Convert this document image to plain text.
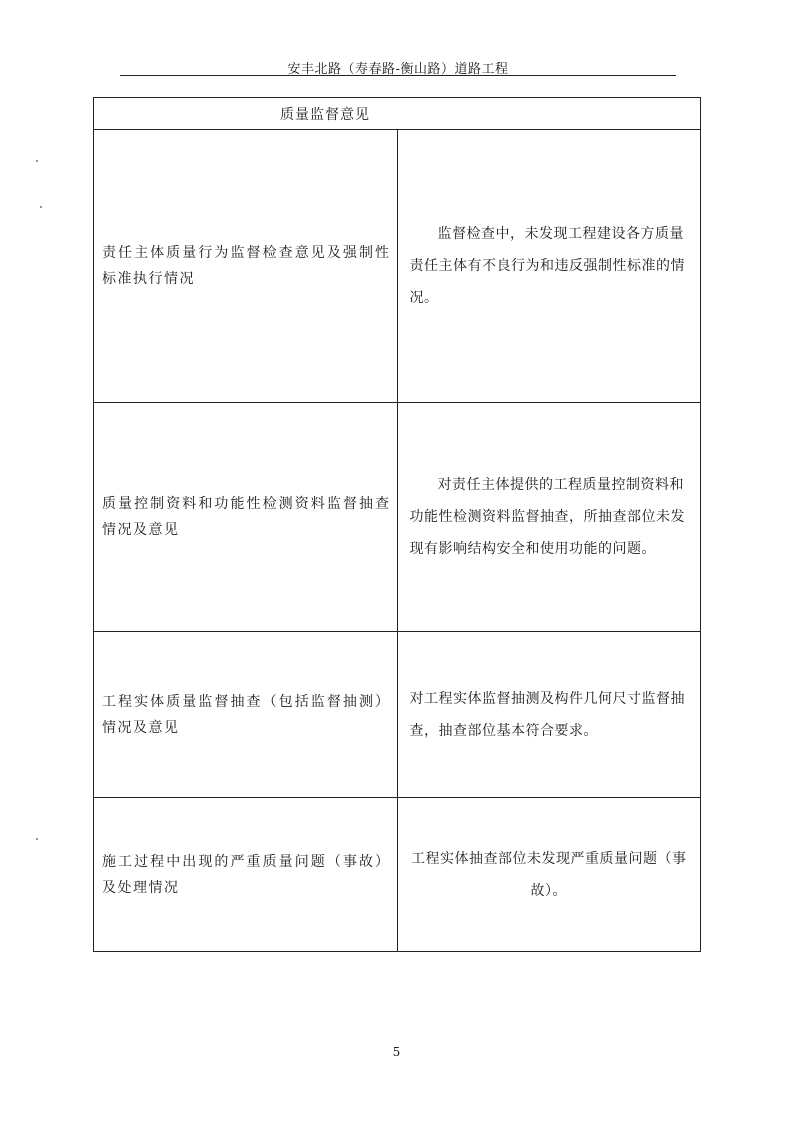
安丰北路（寿春路-衡山路）道路工程
质量监督意见	
责任主体质量行为监督检查意见及强制性标准执行情况	监督检查中，未发现工程建设各方质量责任主体有不良行为和违反强制性标准的情况。
质量控制资料和功能性检测资料监督抽查情况及意见	对责任主体提供的工程质量控制资料和功能性检测资料监督抽查，所抽查部位未发现有影响结构安全和使用功能的问题。
工程实体质量监督抽查（包括监督抽测）情况及意见	对工程实体监督抽测及构件几何尺寸监督抽查，抽查部位基本符合要求。
施工过程中出现的严重质量问题（事故）及处理情况	工程实体抽查部位未发现严重质量问题（事故）。
5
